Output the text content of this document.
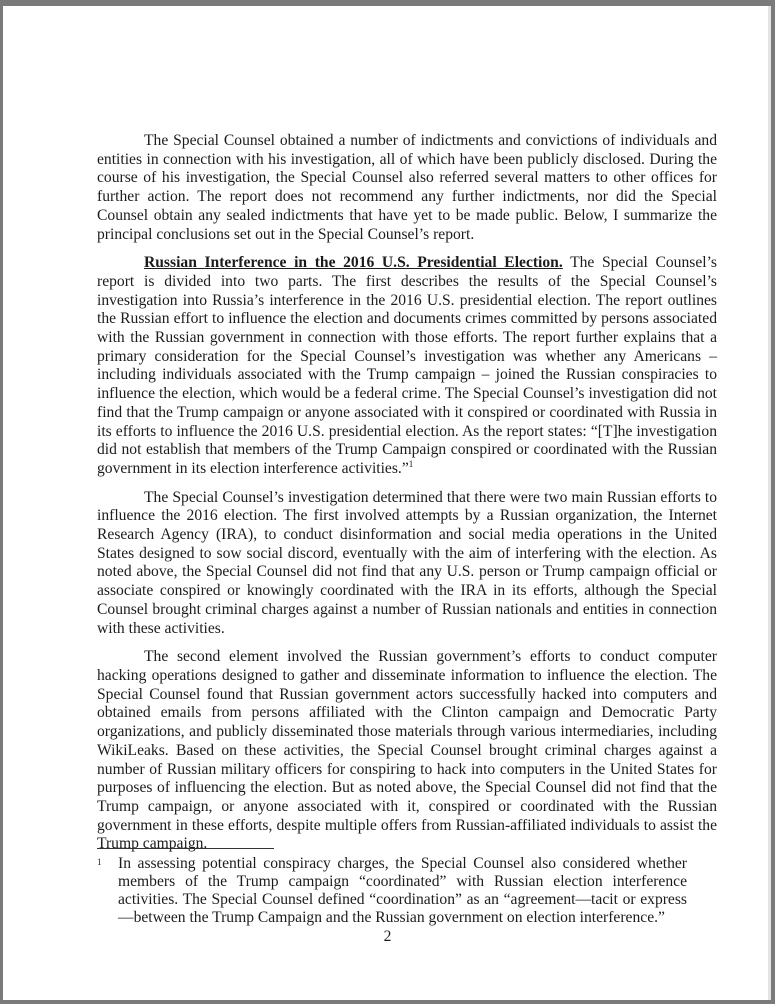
The Special Counsel obtained a number of indictments and convictions of individuals and entities in connection with his investigation, all of which have been publicly disclosed. During the course of his investigation, the Special Counsel also referred several matters to other offices for further action. The report does not recommend any further indictments, nor did the Special Counsel obtain any sealed indictments that have yet to be made public. Below, I summarize the principal conclusions set out in the Special Counsel’s report.

Russian Interference in the 2016 U.S. Presidential Election. The Special Counsel’s report is divided into two parts. The first describes the results of the Special Counsel’s investigation into Russia’s interference in the 2016 U.S. presidential election. The report outlines the Russian effort to influence the election and documents crimes committed by persons associated with the Russian government in connection with those efforts. The report further explains that a primary consideration for the Special Counsel’s investigation was whether any Americans – including individuals associated with the Trump campaign – joined the Russian conspiracies to influence the election, which would be a federal crime. The Special Counsel’s investigation did not find that the Trump campaign or anyone associated with it conspired or coordinated with Russia in its efforts to influence the 2016 U.S. presidential election. As the report states: “[T]he investigation did not establish that members of the Trump Campaign conspired or coordinated with the Russian government in its election interference activities.”$^1$

The Special Counsel’s investigation determined that there were two main Russian efforts to influence the 2016 election. The first involved attempts by a Russian organization, the Internet Research Agency (IRA), to conduct disinformation and social media operations in the United States designed to sow social discord, eventually with the aim of interfering with the election. As noted above, the Special Counsel did not find that any U.S. person or Trump campaign official or associate conspired or knowingly coordinated with the IRA in its efforts, although the Special Counsel brought criminal charges against a number of Russian nationals and entities in connection with these activities.

The second element involved the Russian government’s efforts to conduct computer hacking operations designed to gather and disseminate information to influence the election. The Special Counsel found that Russian government actors successfully hacked into computers and obtained emails from persons affiliated with the Clinton campaign and Democratic Party organizations, and publicly disseminated those materials through various intermediaries, including WikiLeaks. Based on these activities, the Special Counsel brought criminal charges against a number of Russian military officers for conspiring to hack into computers in the United States for purposes of influencing the election. But as noted above, the Special Counsel did not find that the Trump campaign, or anyone associated with it, conspired or coordinated with the Russian government in these efforts, despite multiple offers from Russian-affiliated individuals to assist the Trump campaign.

1 In assessing potential conspiracy charges, the Special Counsel also considered whether members of the Trump campaign “coordinated” with Russian election interference activities. The Special Counsel defined “coordination” as an “agreement—tacit or express—between the Trump Campaign and the Russian government on election interference.”
2
